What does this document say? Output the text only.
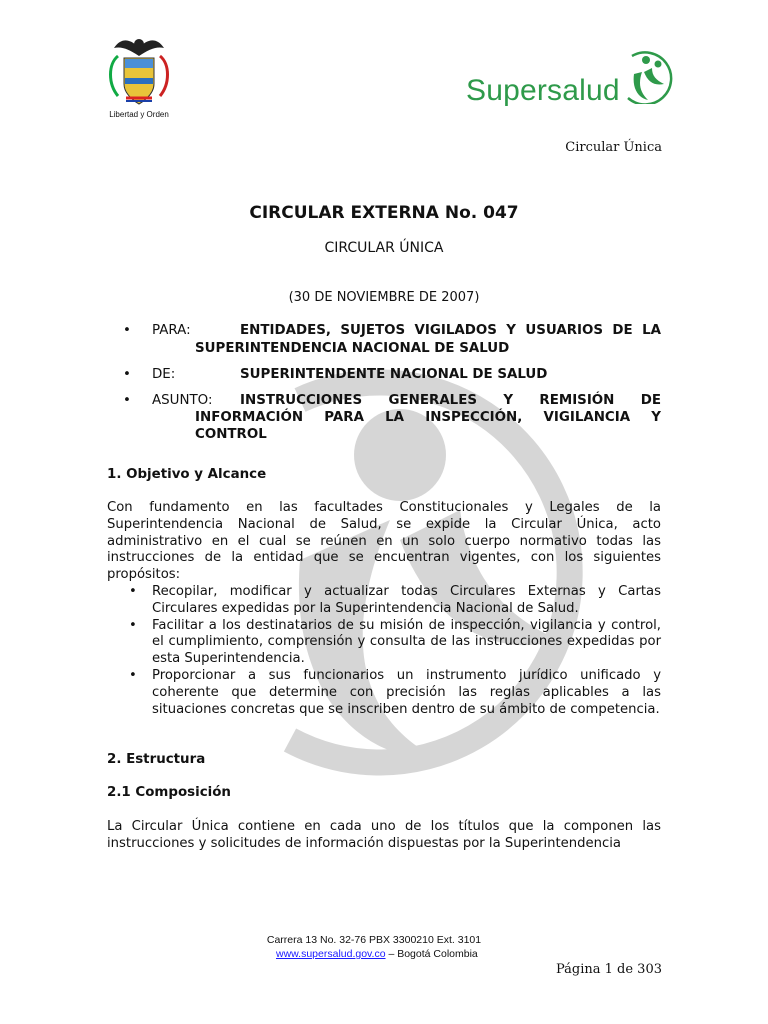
Libertad y Orden
Supersalud
Circular Única
CIRCULAR EXTERNA No. 047
CIRCULAR ÚNICA
(30 DE NOVIEMBRE DE 2007)
• PARA:	ENTIDADES, SUJETOS VIGILADOS Y USUARIOS DE LA
SUPERINTENDENCIA NACIONAL DE SALUD
• DE:	SUPERINTENDENTE NACIONAL DE SALUD
• ASUNTO: INSTRUCCIONES GENERALES Y REMISIÓN DE
INFORMACIÓN PARA LA INSPECCIÓN, VIGILANCIA Y
CONTROL
1. Objetivo y Alcance
Con fundamento en las facultades Constitucionales y Legales de la Superintendencia Nacional de Salud, se expide la Circular Única, acto administrativo en el cual se reúnen en un solo cuerpo normativo todas las instrucciones de la entidad que se encuentran vigentes, con los siguientes propósitos:
• Recopilar, modificar y actualizar todas Circulares Externas y Cartas Circulares expedidas por la Superintendencia Nacional de Salud.
• Facilitar a los destinatarios de su misión de inspección, vigilancia y control, el cumplimiento, comprensión y consulta de las instrucciones expedidas por esta Superintendencia.
• Proporcionar a sus funcionarios un instrumento jurídico unificado y coherente que determine con precisión las reglas aplicables a las situaciones concretas que se inscriben dentro de su ámbito de competencia.
2. Estructura
2.1 Composición
La Circular Única contiene en cada uno de los títulos que la componen las instrucciones y solicitudes de información dispuestas por la Superintendencia
Carrera 13 No. 32-76 PBX 3300210 Ext. 3101
www.supersalud.gov.co – Bogotá Colombia
Página 1 de 303
